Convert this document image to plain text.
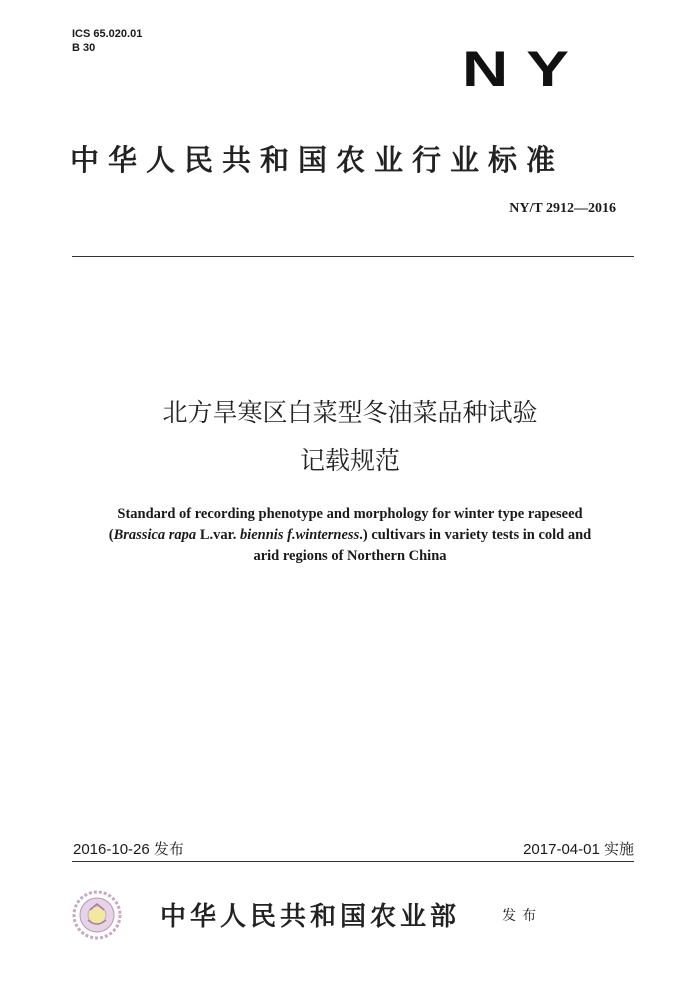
ICS 65.020.01
B 30	NY
中华人民共和国农业行业标准
NY/T 2912—2016
北方旱寒区白菜型冬油菜品种试验
记载规范
Standard of recording phenotype and morphology for winter type rapeseed
(Brassica rapa L.var. biennis f.winterness.) cultivars in variety tests in cold and
arid regions of Northern China
2016-10-26 发布	2017-04-01 实施
中华人民共和国农业部	发布
